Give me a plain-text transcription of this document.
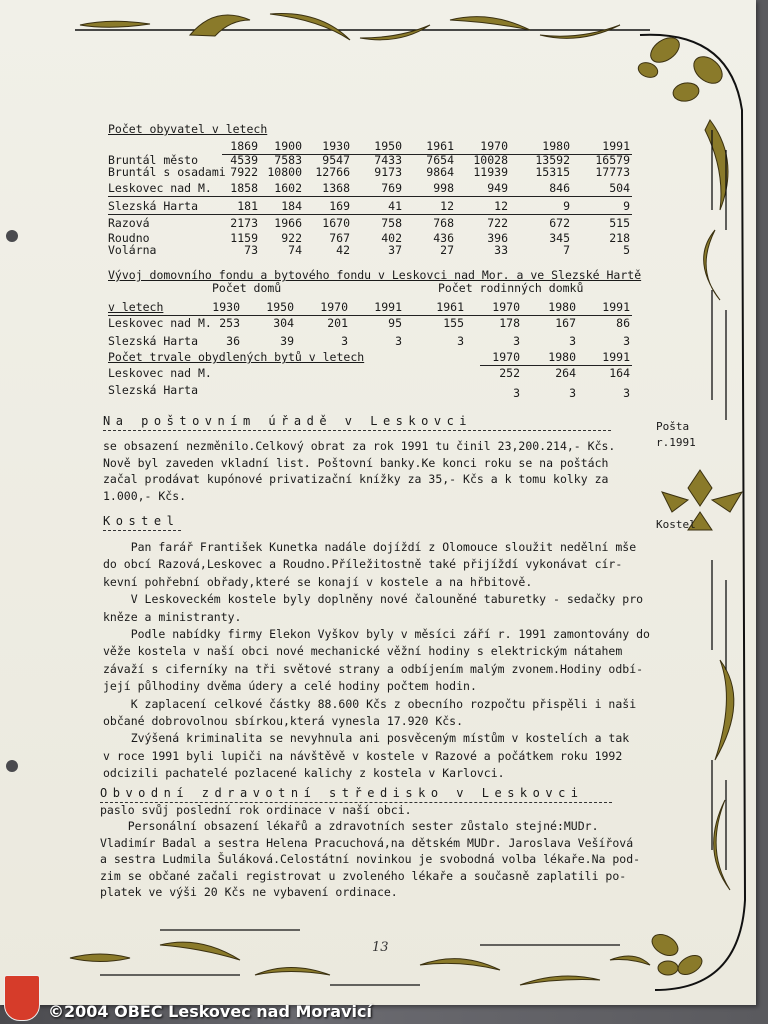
Počet obyvatel v letech
1869	1900	1930	1950	1961	1970	1980	1991
Bruntál město	4539	7583	9547	7433	7654	10028	13592	16579
Bruntál s osadami 7922 10800	12766	9173	9864	11939	15315	17773
Leskovec nad M.	1858	1602	1368	769	998	949	846	504
Slezská Harta	181	184	169	41	12	12	9	9
Razová	2173	1966	1670	758	768	722	672	515
Roudno	1159	922	767	402	436	396	345	218
Volárna	73	74	42	37	27	33	7	5
Vývoj domovního fondu a bytového fondu v Leskovci nad Mor. a ve Slezské Hartě
Počet domů	Počet rodinných domků
v letech	1930	1950	1970	1991	1961	1970	1980	1991
Leskovec nad M. 253	304	201	95	155	178	167	86
Slezská Harta	36	39	3	3	3	3	3	3
Počet trvale obydlených bytů v letech	1970	1980	1991
Leskovec nad M.	252	264	164
Slezská Harta	3	3	3
Na poštovním úřadě v Leskovci
se obsazení nezměnilo.Celkový obrat za rok 1991 tu činil 23,200.214,- Kčs.
Nově byl zaveden vkladní list. Poštovní banky.Ke konci roku se na poštách
začal prodávat kupónové privatizační knížky za 35,- Kčs a k tomu kolky za
1.000,- Kčs.
Pošta
r.1991
Kostel	Kostel
Pan farář František Kunetka nadále dojíždí z Olomouce sloužit nedělní mše
do obcí Razová,Leskovec a Roudno.Příležitostně také přijíždí vykonávat cír-
kevní pohřební obřady,které se konají v kostele a na hřbitově.
V Leskoveckém kostele byly doplněny nové čalouněné taburetky - sedačky pro
kněze a ministranty.
Podle nabídky firmy Elekon Vyškov byly v měsíci září r. 1991 zamontovány do
věže kostela v naší obci nové mechanické věžní hodiny s elektrickým nátahem
závaží s ciferníky na tři světové strany a odbíjením malým zvonem.Hodiny odbí-
její půlhodiny dvěma údery a celé hodiny počtem hodin.
K zaplacení celkové částky 88.600 Kčs z obecního rozpočtu přispěli i naši
občané dobrovolnou sbírkou,která vynesla 17.920 Kčs.
Zvýšená kriminalita se nevyhnula ani posvěceným místům v kostelích a tak
v roce 1991 byli lupiči na návštěvě v kostele v Razové a počátkem roku 1992
odcizili pachatelé pozlacené kalichy z kostela v Karlovci.
Obvodní zdravotní středisko v Leskovci
paslo svůj poslední rok ordinace v naší obci.
Personální obsazení lékařů a zdravotních sester zůstalo stejné:MUDr.
Vladimír Badal a sestra Helena Pracuchová,na dětském MUDr. Jaroslava Vešířová
a sestra Ludmila Šuláková.Celostátní novinkou je svobodná volba lékaře.Na pod-
zim se občané začali registrovat u zvoleného lékaře a současně zaplatili po-
platek ve výši 20 Kčs ne vybavení ordinace.
13
©2004 OBEC Leskovec nad Moravicí
